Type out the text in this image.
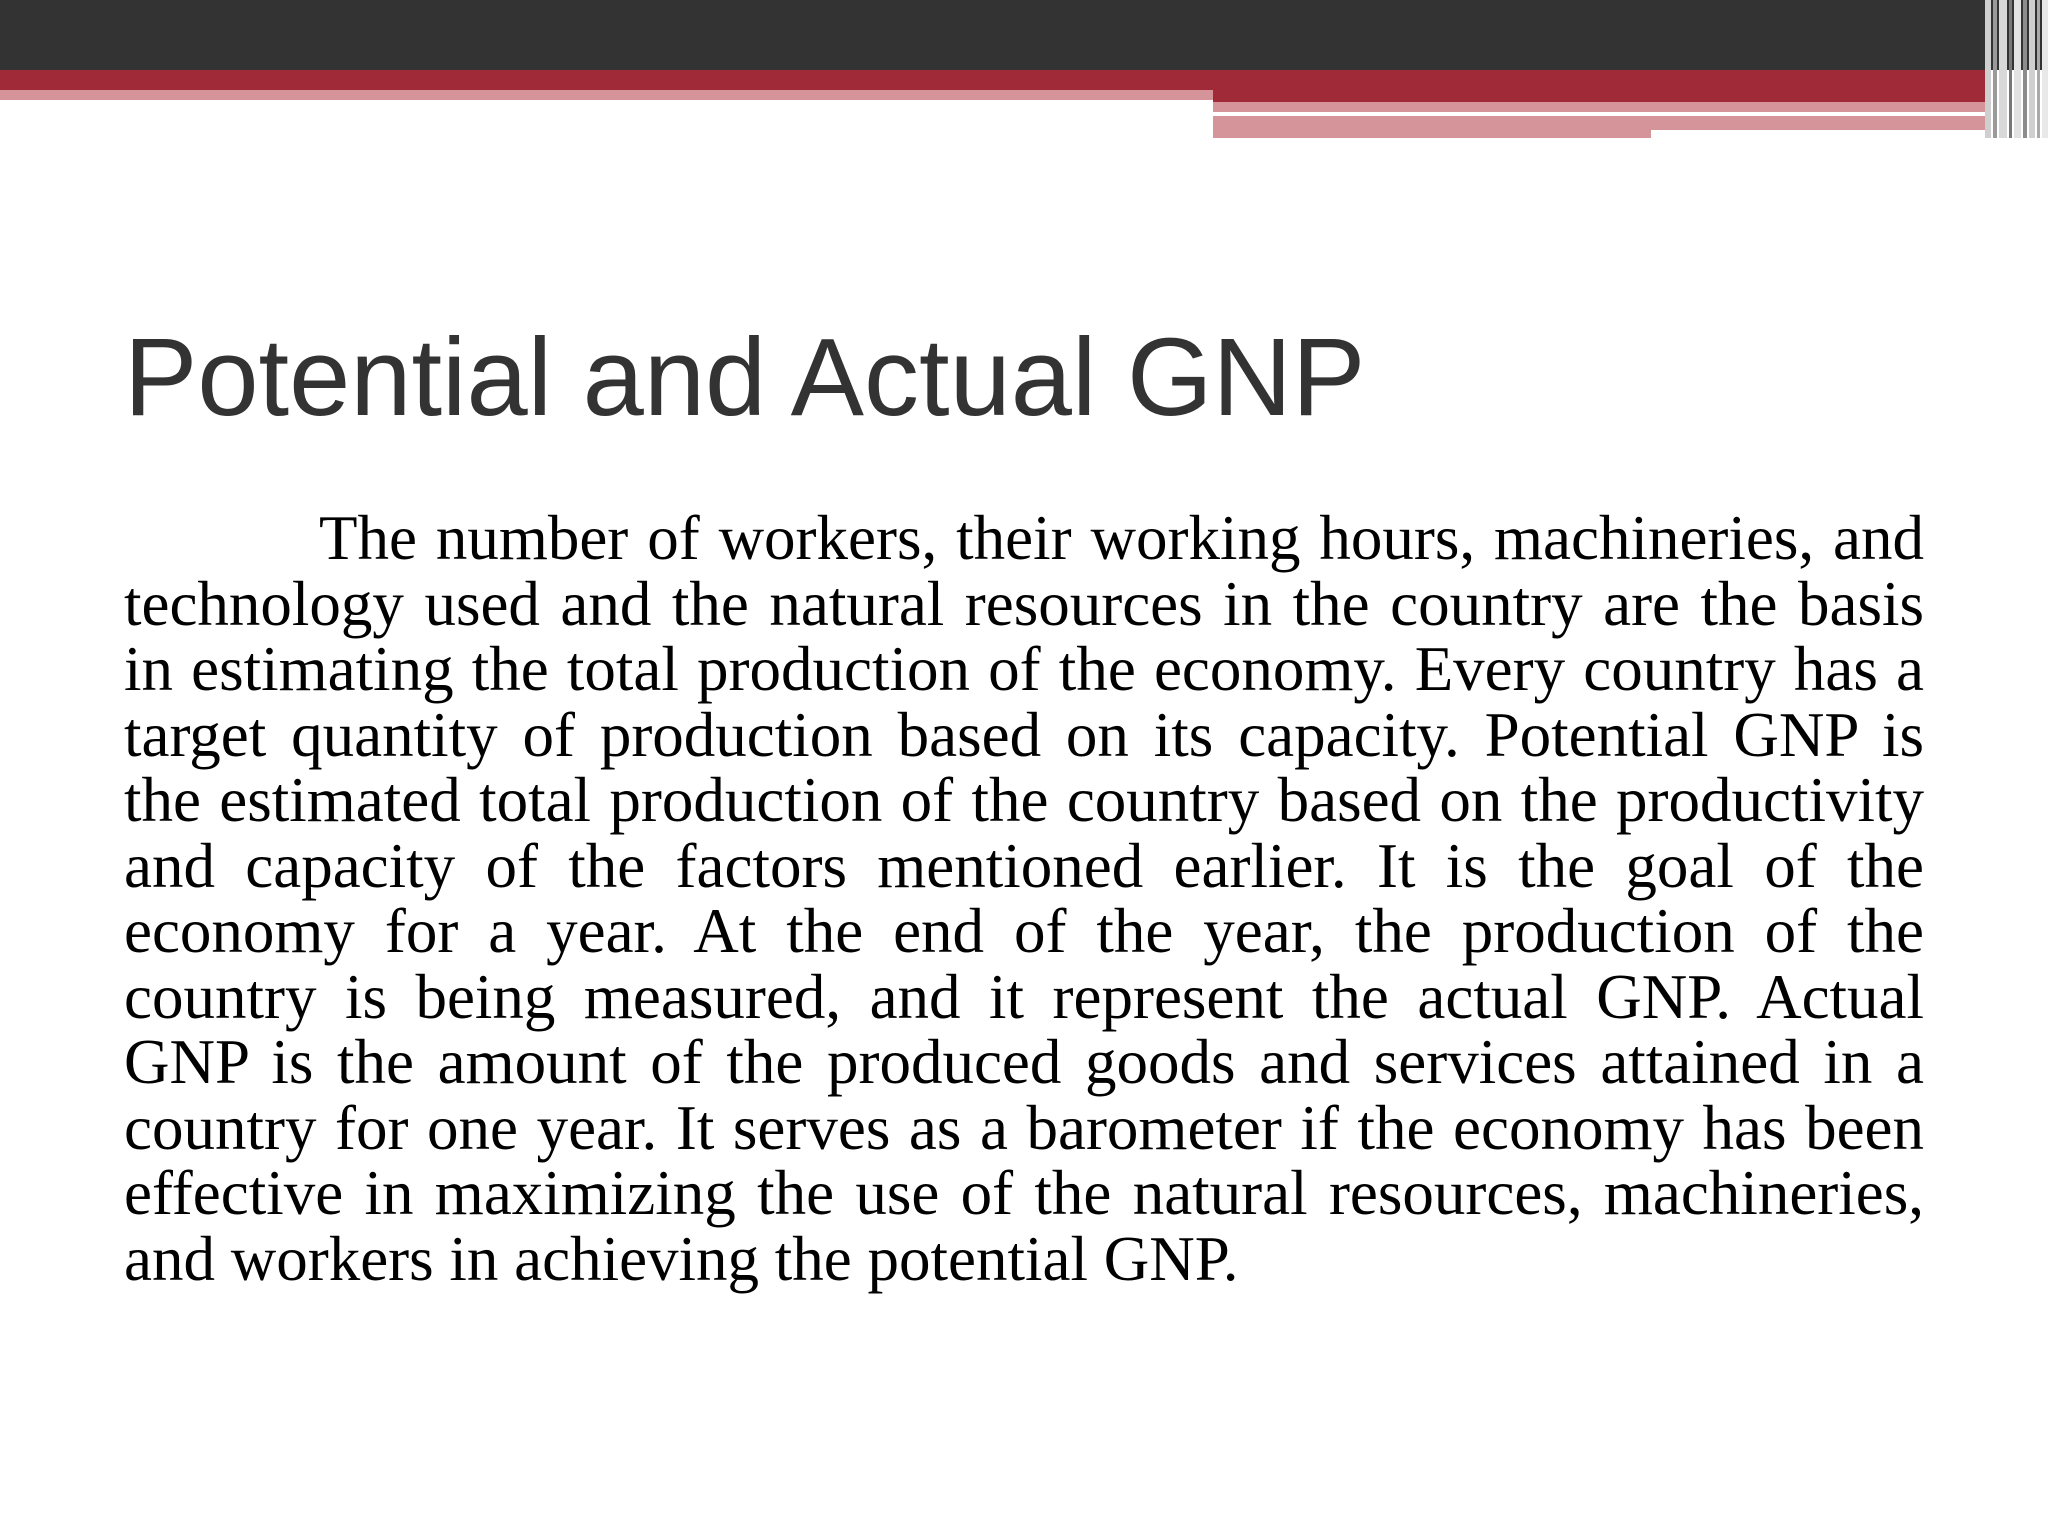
Potential and Actual GNP

The number of workers, their working hours, machineries, and technology used and the natural resources in the country are the basis in estimating the total production of the economy. Every country has a target quantity of production based on its capacity. Potential GNP is the estimated total production of the country based on the productivity and capacity of the factors mentioned earlier. It is the goal of the economy for a year. At the end of the year, the production of the country is being measured, and it represent the actual GNP. Actual GNP is the amount of the produced goods and services attained in a country for one year. It serves as a barometer if the economy has been effective in maximizing the use of the natural resources, machineries, and workers in achieving the potential GNP.
